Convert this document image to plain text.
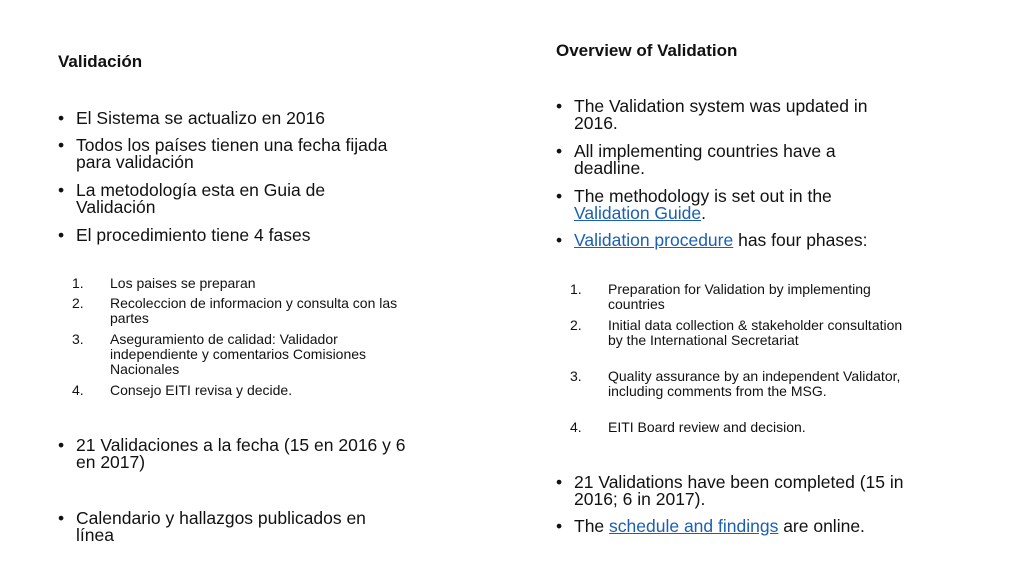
Validación
• El Sistema se actualizo en 2016
• Todos los países tienen una fecha fijada para validación
• La metodología esta en Guia de Validación
• El procedimiento tiene 4 fases
1. Los paises se preparan
2. Recoleccion de informacion y consulta con las partes
3. Aseguramiento de calidad: Validador independiente y comentarios Comisiones Nacionales
4. Consejo EITI revisa y decide.
• 21 Validaciones a la fecha (15 en 2016 y 6 en 2017)
• Calendario y hallazgos publicados en línea
Overview of Validation
• The Validation system was updated in 2016.
• All implementing countries have a deadline.
• The methodology is set out in the Validation Guide.
• Validation procedure has four phases:
1. Preparation for Validation by implementing countries
2. Initial data collection & stakeholder consultation by the International Secretariat
3. Quality assurance by an independent Validator, including comments from the MSG.
4. EITI Board review and decision.
• 21 Validations have been completed (15 in 2016; 6 in 2017).
• The schedule and findings are online.
